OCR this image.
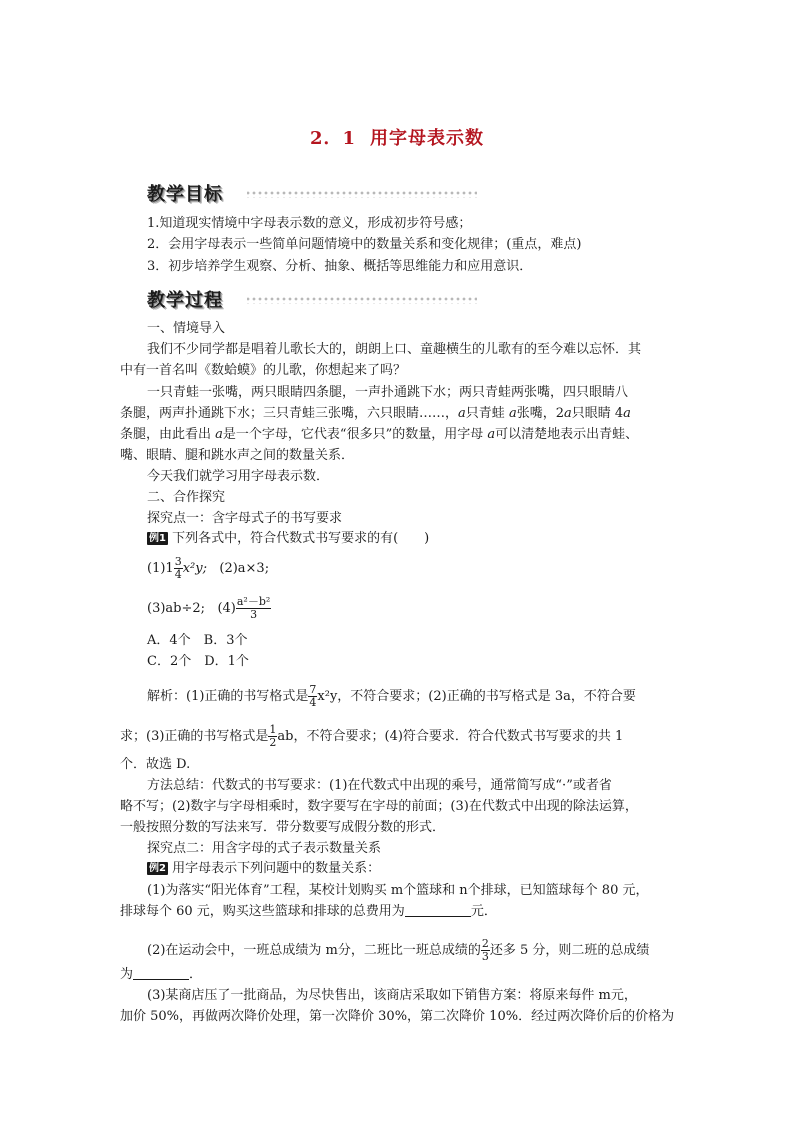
2．1 用字母表示数
教学目标
1.知道现实情境中字母表示数的意义，形成初步符号感；
2．会用字母表示一些简单问题情境中的数量关系和变化规律；(重点，难点)
3．初步培养学生观察、分析、抽象、概括等思维能力和应用意识．
教学过程
一、情境导入
我们不少同学都是唱着儿歌长大的，朗朗上口、童趣横生的儿歌有的至今难以忘怀．其
中有一首名叫《数蛤蟆》的儿歌，你想起来了吗？
一只青蛙一张嘴，两只眼睛四条腿，一声扑通跳下水；两只青蛙两张嘴，四只眼睛八
条腿，两声扑通跳下水；三只青蛙三张嘴，六只眼睛……，a只青蛙 a张嘴，2a只眼睛 4a
条腿，由此看出 a是一个字母，它代表“很多只”的数量，用字母 a可以清楚地表示出青蛙、
嘴、眼睛、腿和跳水声之间的数量关系．
今天我们就学习用字母表示数．
二、合作探究
探究点一：含字母式子的书写要求
例1 下列各式中，符合代数式书写要求的有(　　)
$(1)1 \frac{3}{4} x^2y$; (2)a×3;
(3)ab÷2; $(4) \frac{\text{a²－b²}}{3}$
A．4个　B．3个
C．2个　D．1个
解析：(1)正确的书写格式是 $\frac{7}{4} x^2y$，不符合要求；(2)正确的书写格式是 3a，不符合要
求；(3)正确的书写格式是 $\frac{1}{2}$ ab，不符合要求；(4)符合要求．符合代数式书写要求的共 1
个．故选 D.
方法总结：代数式的书写要求：(1)在代数式中出现的乘号，通常简写成“·”或者省
略不写；(2)数字与字母相乘时，数字要写在字母的前面；(3)在代数式中出现的除法运算，
一般按照分数的写法来写．带分数要写成假分数的形式．
探究点二：用含字母的式子表示数量关系
例2 用字母表示下列问题中的数量关系：
(1)为落实“阳光体育”工程，某校计划购买 m个篮球和 n个排球，已知篮球每个 80 元，
排球每个 60 元，购买这些篮球和排球的总费用为	元．
(2)在运动会中，一班总成绩为 m分，二班比一班总成绩的 $\frac{2}{3}$ 还多 5 分，则二班的总成绩
为	．
(3)某商店压了一批商品，为尽快售出，该商店采取如下销售方案：将原来每件 m元，
加价 50%，再做两次降价处理，第一次降价 30%，第二次降价 10%．经过两次降价后的价格为
